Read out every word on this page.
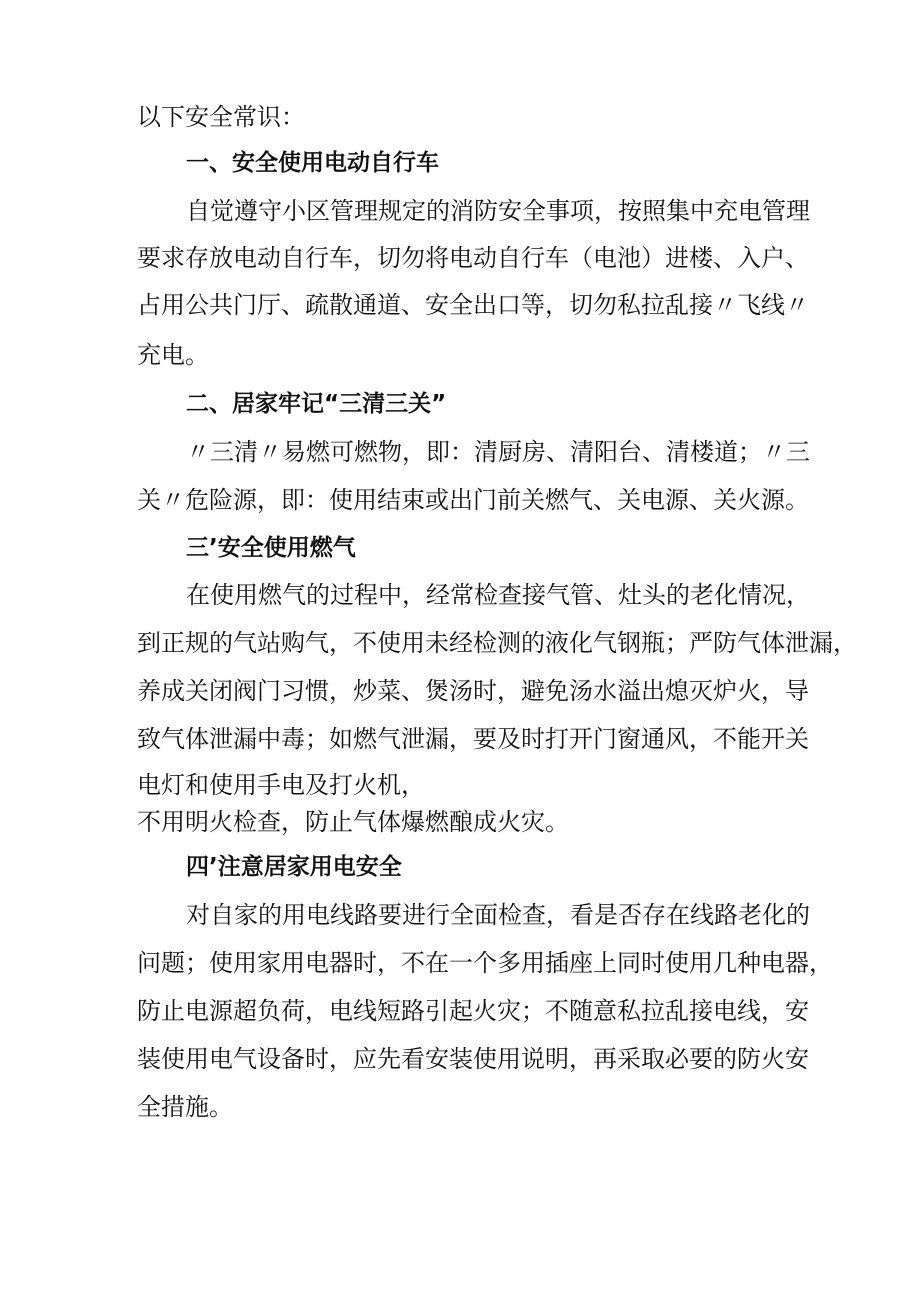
以下安全常识：
一、安全使用电动自行车
自觉遵守小区管理规定的消防安全事项，按照集中充电管理
要求存放电动自行车，切勿将电动自行车（电池）进楼、入户、
占用公共门厅、疏散通道、安全出口等，切勿私拉乱接〃飞线〃
充电。
二、居家牢记“三清三关”
〃三清〃易燃可燃物，即：清厨房、清阳台、清楼道；〃三
关〃危险源，即：使用结束或出门前关燃气、关电源、关火源。
三’安全使用燃气
在使用燃气的过程中，经常检查接气管、灶头的老化情况，
到正规的气站购气，不使用未经检测的液化气钢瓶；严防气体泄漏，
养成关闭阀门习惯，炒菜、煲汤时，避免汤水溢出熄灭炉火，导
致气体泄漏中毒；如燃气泄漏，要及时打开门窗通风，不能开关
电灯和使用手电及打火机，
不用明火检查，防止气体爆燃酿成火灾。
四’注意居家用电安全
对自家的用电线路要进行全面检查，看是否存在线路老化的
问题；使用家用电器时，不在一个多用插座上同时使用几种电器，
防止电源超负荷，电线短路引起火灾；不随意私拉乱接电线，安
装使用电气设备时，应先看安装使用说明，再采取必要的防火安
全措施。
